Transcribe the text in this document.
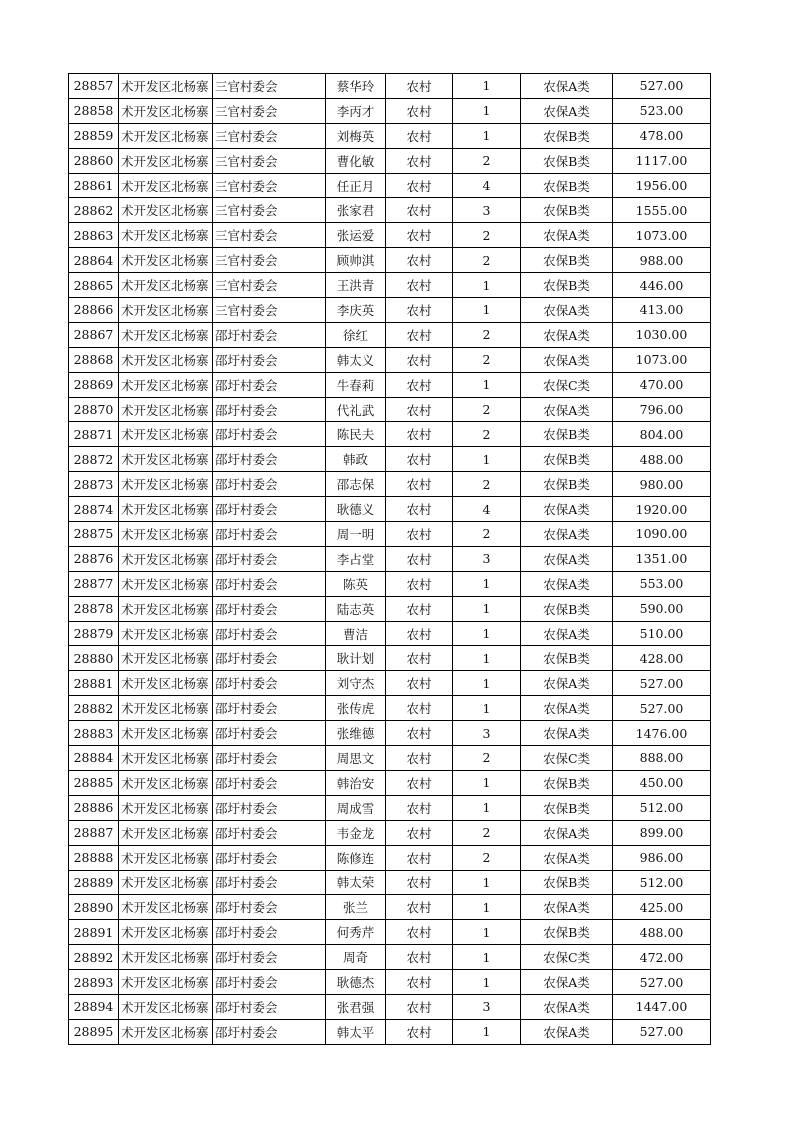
28857	术开发区北杨寨	三官村委会	蔡华玲	农村	1	农保A类	527.00
28858	术开发区北杨寨	三官村委会	李丙才	农村	1	农保A类	523.00
28859	术开发区北杨寨	三官村委会	刘梅英	农村	1	农保B类	478.00
28860	术开发区北杨寨	三官村委会	曹化敏	农村	2	农保B类	1117.00
28861	术开发区北杨寨	三官村委会	任正月	农村	4	农保B类	1956.00
28862	术开发区北杨寨	三官村委会	张家君	农村	3	农保B类	1555.00
28863	术开发区北杨寨	三官村委会	张运爱	农村	2	农保A类	1073.00
28864	术开发区北杨寨	三官村委会	顾帅淇	农村	2	农保B类	988.00
28865	术开发区北杨寨	三官村委会	王洪青	农村	1	农保B类	446.00
28866	术开发区北杨寨	三官村委会	李庆英	农村	1	农保A类	413.00
28867	术开发区北杨寨	邵圩村委会	徐红	农村	2	农保A类	1030.00
28868	术开发区北杨寨	邵圩村委会	韩太义	农村	2	农保A类	1073.00
28869	术开发区北杨寨	邵圩村委会	牛春莉	农村	1	农保C类	470.00
28870	术开发区北杨寨	邵圩村委会	代礼武	农村	2	农保A类	796.00
28871	术开发区北杨寨	邵圩村委会	陈民夫	农村	2	农保B类	804.00
28872	术开发区北杨寨	邵圩村委会	韩政	农村	1	农保B类	488.00
28873	术开发区北杨寨	邵圩村委会	邵志保	农村	2	农保B类	980.00
28874	术开发区北杨寨	邵圩村委会	耿德义	农村	4	农保A类	1920.00
28875	术开发区北杨寨	邵圩村委会	周一明	农村	2	农保A类	1090.00
28876	术开发区北杨寨	邵圩村委会	李占堂	农村	3	农保A类	1351.00
28877	术开发区北杨寨	邵圩村委会	陈英	农村	1	农保A类	553.00
28878	术开发区北杨寨	邵圩村委会	陆志英	农村	1	农保B类	590.00
28879	术开发区北杨寨	邵圩村委会	曹洁	农村	1	农保A类	510.00
28880	术开发区北杨寨	邵圩村委会	耿计划	农村	1	农保B类	428.00
28881	术开发区北杨寨	邵圩村委会	刘守杰	农村	1	农保A类	527.00
28882	术开发区北杨寨	邵圩村委会	张传虎	农村	1	农保A类	527.00
28883	术开发区北杨寨	邵圩村委会	张维德	农村	3	农保A类	1476.00
28884	术开发区北杨寨	邵圩村委会	周思文	农村	2	农保C类	888.00
28885	术开发区北杨寨	邵圩村委会	韩治安	农村	1	农保B类	450.00
28886	术开发区北杨寨	邵圩村委会	周成雪	农村	1	农保B类	512.00
28887	术开发区北杨寨	邵圩村委会	韦金龙	农村	2	农保A类	899.00
28888	术开发区北杨寨	邵圩村委会	陈修连	农村	2	农保A类	986.00
28889	术开发区北杨寨	邵圩村委会	韩太荣	农村	1	农保B类	512.00
28890	术开发区北杨寨	邵圩村委会	张兰	农村	1	农保A类	425.00
28891	术开发区北杨寨	邵圩村委会	何秀芹	农村	1	农保B类	488.00
28892	术开发区北杨寨	邵圩村委会	周奇	农村	1	农保C类	472.00
28893	术开发区北杨寨	邵圩村委会	耿德杰	农村	1	农保A类	527.00
28894	术开发区北杨寨	邵圩村委会	张君强	农村	3	农保A类	1447.00
28895	术开发区北杨寨	邵圩村委会	韩太平	农村	1	农保A类	527.00
